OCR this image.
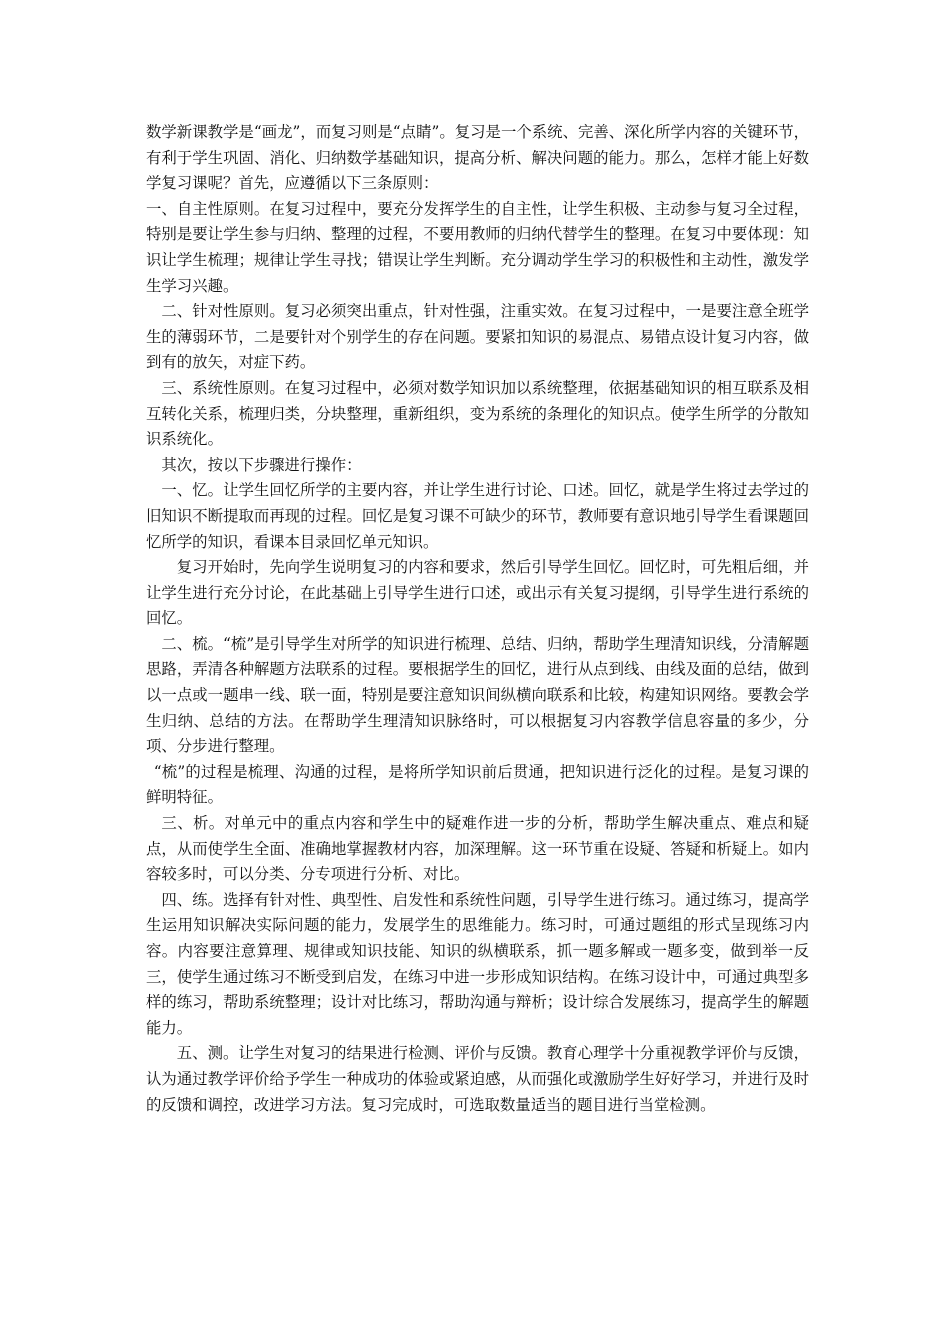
数学新课教学是“画龙”，而复习则是“点睛”。复习是一个系统、完善、深化所学内容的关键环节，有利于学生巩固、消化、归纳数学基础知识，提高分析、解决问题的能力。那么，怎样才能上好数学复习课呢？首先，应遵循以下三条原则：

一、自主性原则。在复习过程中，要充分发挥学生的自主性，让学生积极、主动参与复习全过程，特别是要让学生参与归纳、整理的过程，不要用教师的归纳代替学生的整理。在复习中要体现：知识让学生梳理；规律让学生寻找；错误让学生判断。充分调动学生学习的积极性和主动性，激发学生学习兴趣。

二、针对性原则。复习必须突出重点，针对性强，注重实效。在复习过程中，一是要注意全班学生的薄弱环节，二是要针对个别学生的存在问题。要紧扣知识的易混点、易错点设计复习内容，做到有的放矢，对症下药。

三、系统性原则。在复习过程中，必须对数学知识加以系统整理，依据基础知识的相互联系及相互转化关系，梳理归类，分块整理，重新组织，变为系统的条理化的知识点。使学生所学的分散知识系统化。

其次，按以下步骤进行操作：

一、忆。让学生回忆所学的主要内容，并让学生进行讨论、口述。回忆，就是学生将过去学过的旧知识不断提取而再现的过程。回忆是复习课不可缺少的环节，教师要有意识地引导学生看课题回忆所学的知识，看课本目录回忆单元知识。

复习开始时，先向学生说明复习的内容和要求，然后引导学生回忆。回忆时，可先粗后细，并让学生进行充分讨论，在此基础上引导学生进行口述，或出示有关复习提纲，引导学生进行系统的回忆。

二、梳。“梳”是引导学生对所学的知识进行梳理、总结、归纳，帮助学生理清知识线，分清解题思路，弄清各种解题方法联系的过程。要根据学生的回忆，进行从点到线、由线及面的总结，做到以一点或一题串一线、联一面，特别是要注意知识间纵横向联系和比较，构建知识网络。要教会学生归纳、总结的方法。在帮助学生理清知识脉络时，可以根据复习内容教学信息容量的多少，分项、分步进行整理。

“梳”的过程是梳理、沟通的过程，是将所学知识前后贯通，把知识进行泛化的过程。是复习课的鲜明特征。

三、析。对单元中的重点内容和学生中的疑难作进一步的分析，帮助学生解决重点、难点和疑点，从而使学生全面、准确地掌握教材内容，加深理解。这一环节重在设疑、答疑和析疑上。如内容较多时，可以分类、分专项进行分析、对比。

四、练。选择有针对性、典型性、启发性和系统性问题，引导学生进行练习。通过练习，提高学生运用知识解决实际问题的能力，发展学生的思维能力。练习时，可通过题组的形式呈现练习内容。内容要注意算理、规律或知识技能、知识的纵横联系，抓一题多解或一题多变，做到举一反三，使学生通过练习不断受到启发，在练习中进一步形成知识结构。在练习设计中，可通过典型多样的练习，帮助系统整理；设计对比练习，帮助沟通与辩析；设计综合发展练习，提高学生的解题能力。

五、测。让学生对复习的结果进行检测、评价与反馈。教育心理学十分重视教学评价与反馈，认为通过教学评价给予学生一种成功的体验或紧迫感，从而强化或激励学生好好学习，并进行及时的反馈和调控，改进学习方法。复习完成时，可选取数量适当的题目进行当堂检测。
